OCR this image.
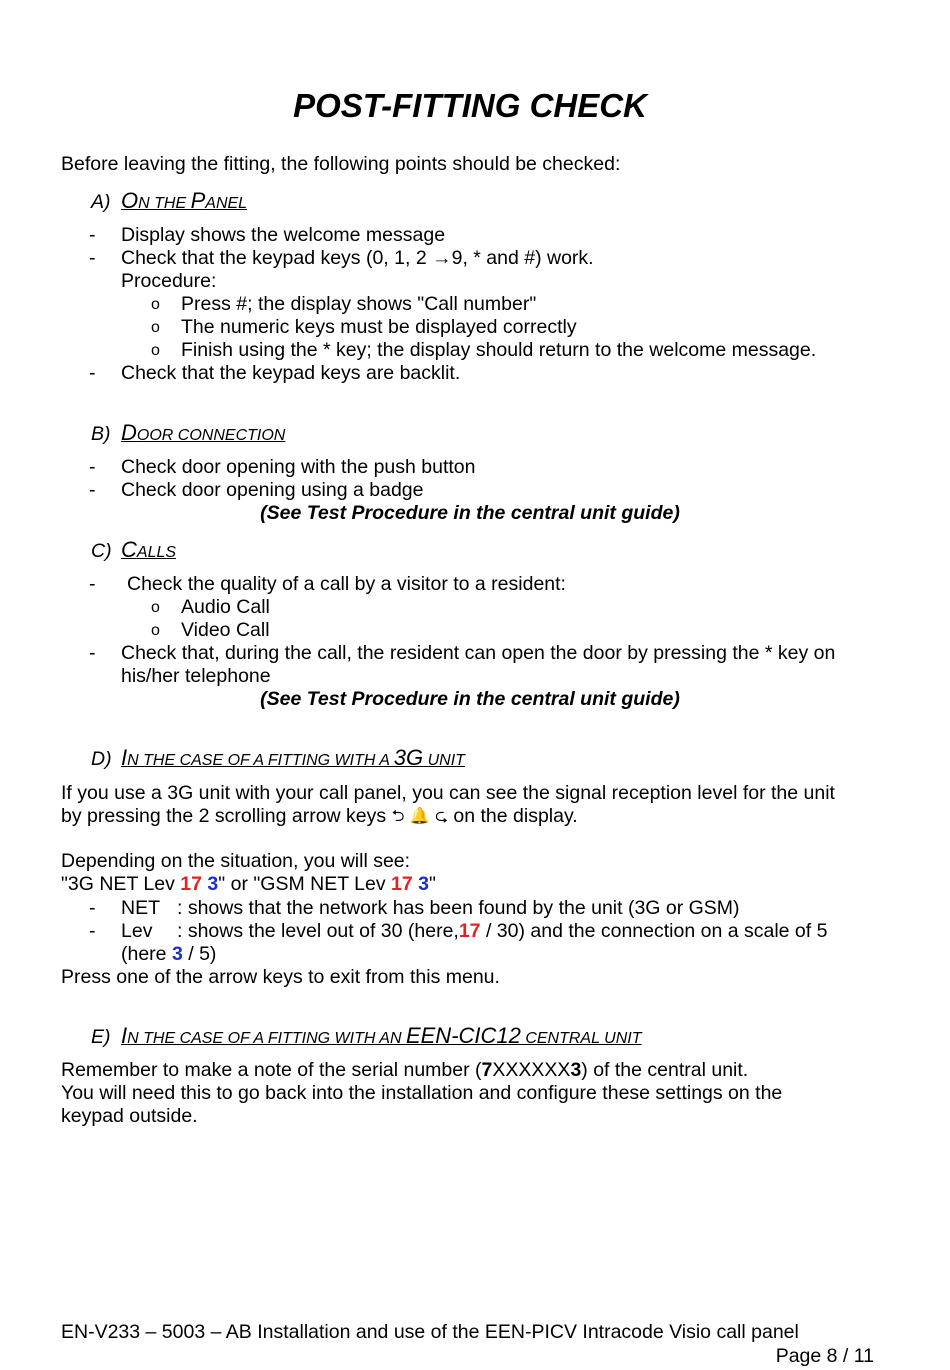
POST-FITTING CHECK
Before leaving the fitting, the following points should be checked:
A) ON THE PANEL
- Display shows the welcome message
- Check that the keypad keys (0, 1, 2 →9, * and #) work.
Procedure:
o Press #; the display shows "Call number"
o The numeric keys must be displayed correctly
o Finish using the * key; the display should return to the welcome message.
- Check that the keypad keys are backlit.
B) DOOR CONNECTION
- Check door opening with the push button
- Check door opening using a badge
(See Test Procedure in the central unit guide)
C) CALLS
- Check the quality of a call by a visitor to a resident:
o Audio Call
o Video Call
- Check that, during the call, the resident can open the door by pressing the * key on
his/her telephone
(See Test Procedure in the central unit guide)
D) IN THE CASE OF A FITTING WITH A 3G UNIT
If you use a 3G unit with your call panel, you can see the signal reception level for the unit
by pressing the 2 scrolling arrow keys ⮌ 🔔 ⮎ on the display.
Depending on the situation, you will see:
"3G NET Lev 17 3" or "GSM NET Lev 17 3"
- NET : shows that the network has been found by the unit (3G or GSM)
- Lev : shows the level out of 30 (here,17 / 30) and the connection on a scale of 5
(here 3 / 5)
Press one of the arrow keys to exit from this menu.
E) IN THE CASE OF A FITTING WITH AN EEN-CIC12 CENTRAL UNIT
Remember to make a note of the serial number (7XXXXXX3) of the central unit.
You will need this to go back into the installation and configure these settings on the
keypad outside.
EN-V233 – 5003 – AB Installation and use of the EEN-PICV Intracode Visio call panel
Page 8 / 11
